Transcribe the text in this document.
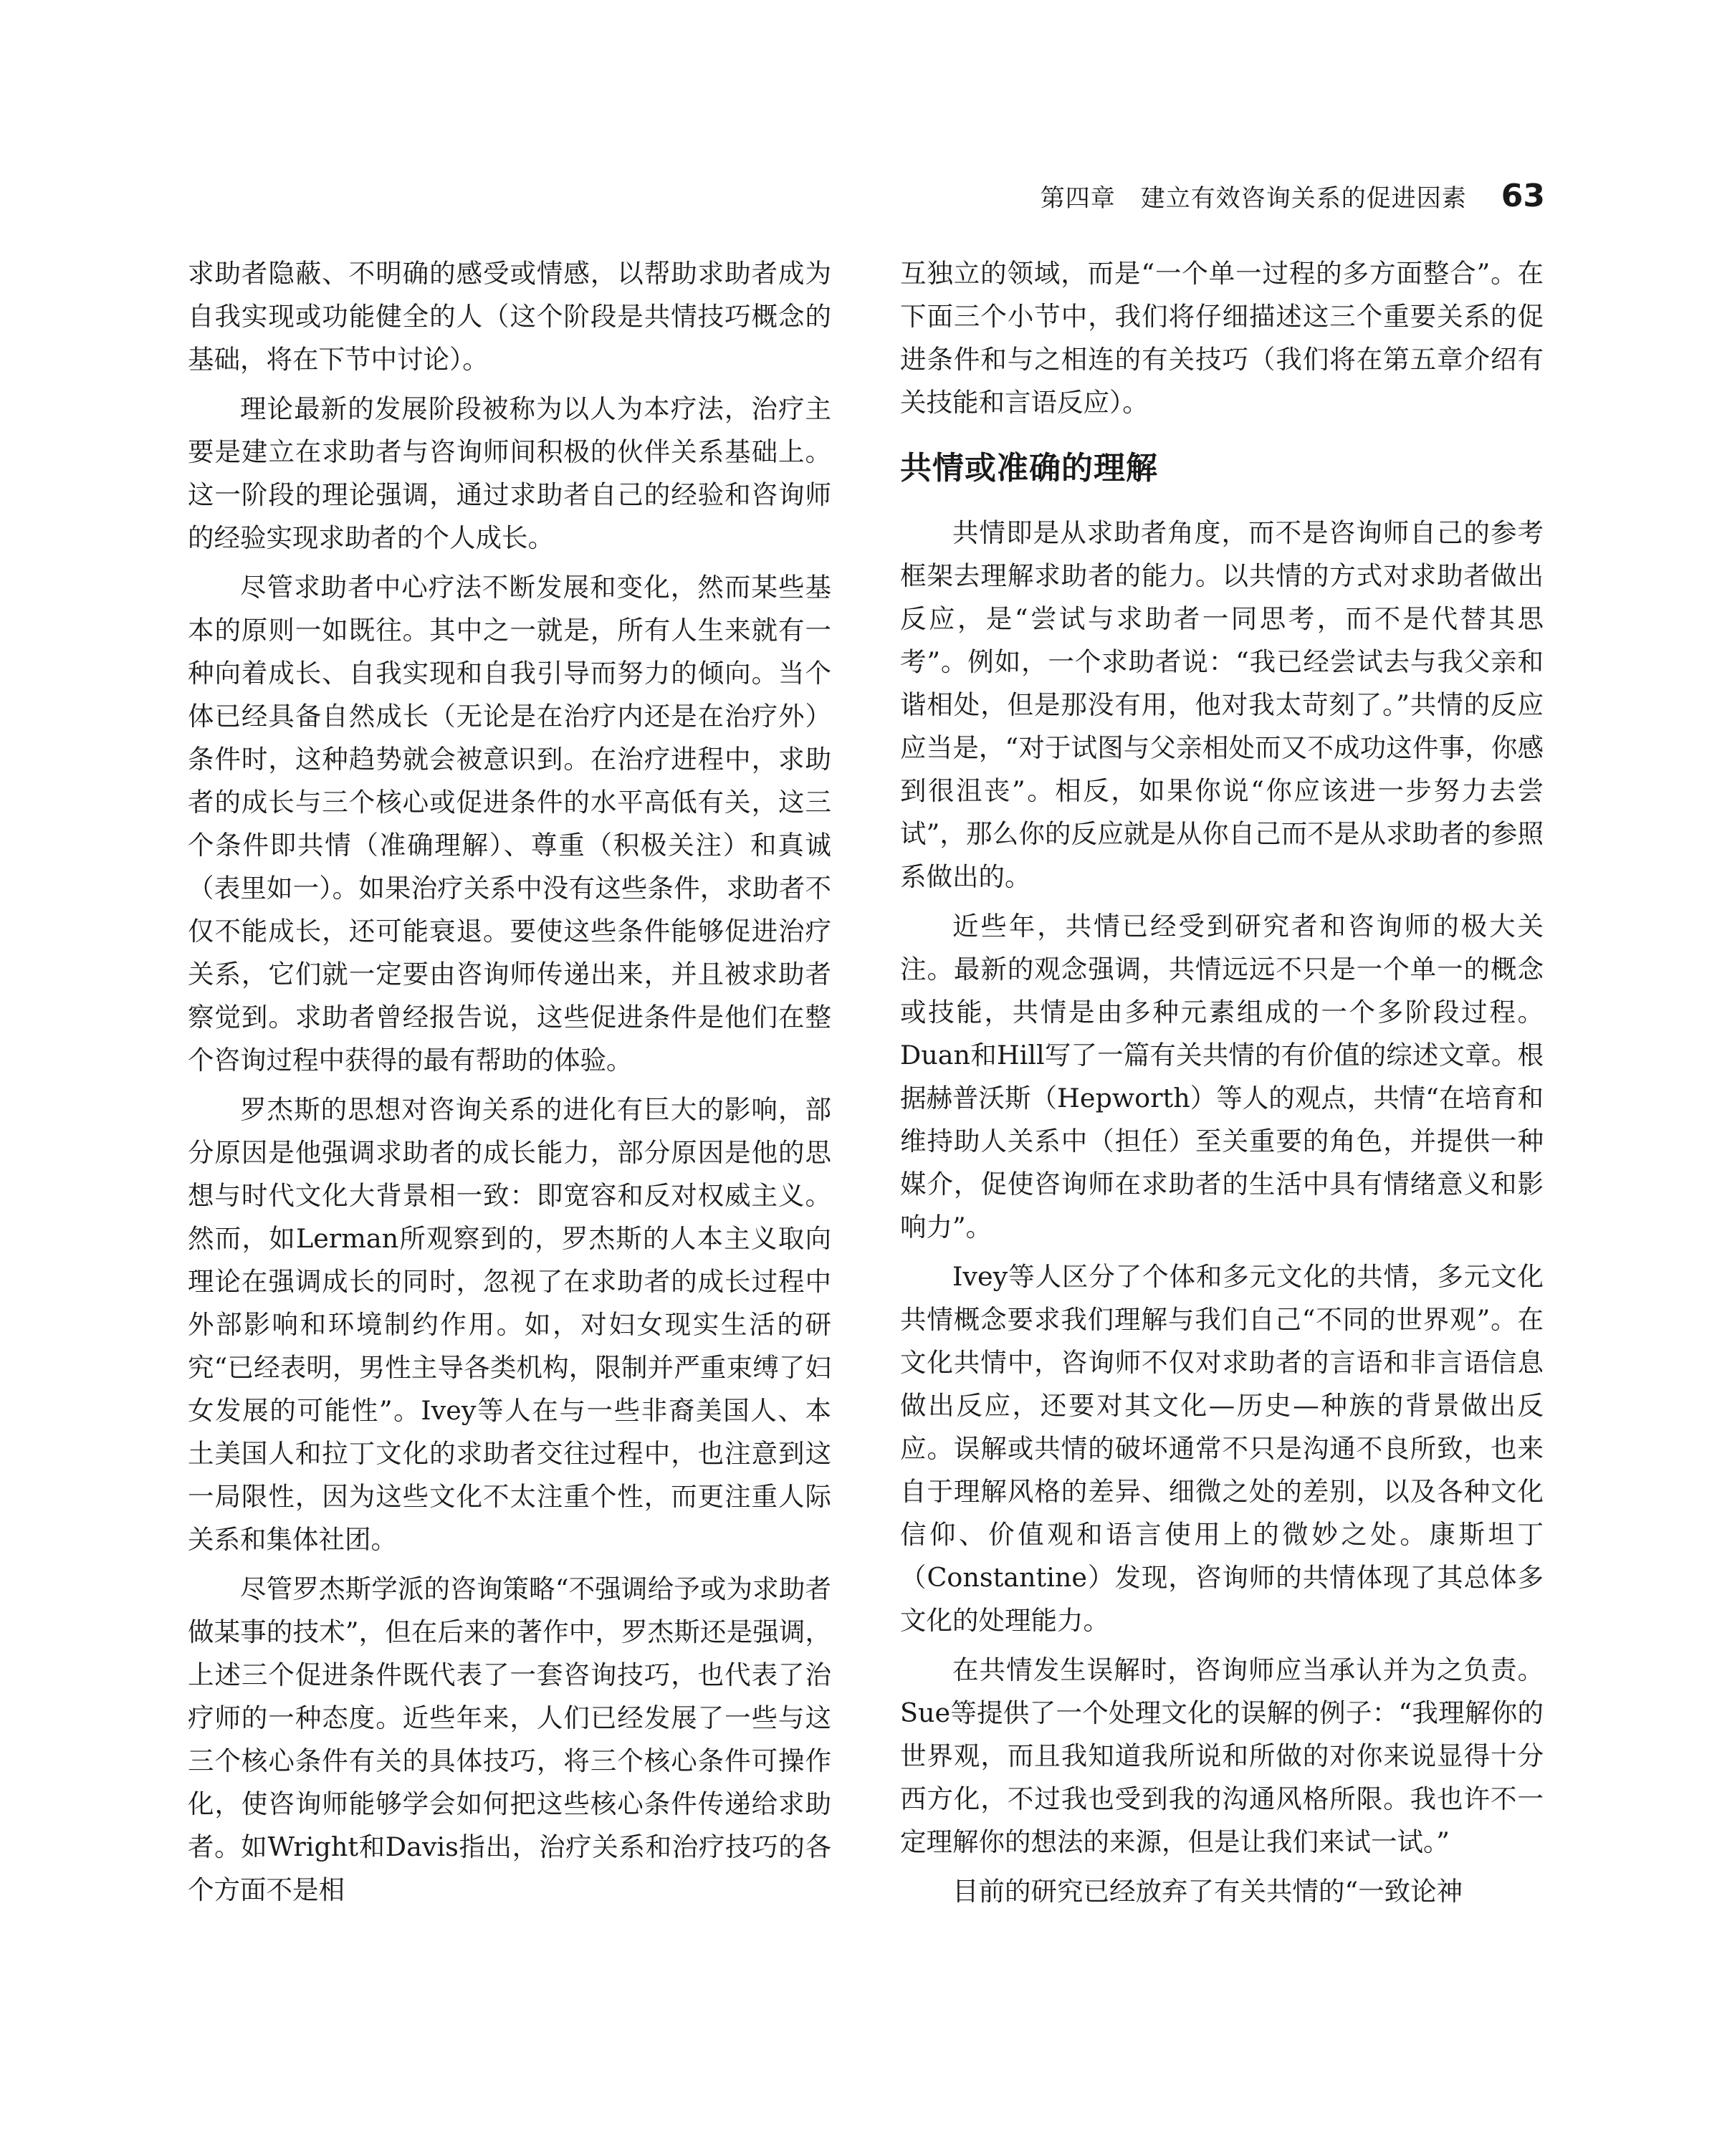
第四章　建立有效咨询关系的促进因素 63

求助者隐蔽、不明确的感受或情感，以帮助求助者成为自我实现或功能健全的人（这个阶段是共情技巧概念的基础，将在下节中讨论）。

理论最新的发展阶段被称为以人为本疗法，治疗主要是建立在求助者与咨询师间积极的伙伴关系基础上。这一阶段的理论强调，通过求助者自己的经验和咨询师的经验实现求助者的个人成长。

尽管求助者中心疗法不断发展和变化，然而某些基本的原则一如既往。其中之一就是，所有人生来就有一种向着成长、自我实现和自我引导而努力的倾向。当个体已经具备自然成长（无论是在治疗内还是在治疗外）条件时，这种趋势就会被意识到。在治疗进程中，求助者的成长与三个核心或促进条件的水平高低有关，这三个条件即共情（准确理解）、尊重（积极关注）和真诚（表里如一）。如果治疗关系中没有这些条件，求助者不仅不能成长，还可能衰退。要使这些条件能够促进治疗关系，它们就一定要由咨询师传递出来，并且被求助者察觉到。求助者曾经报告说，这些促进条件是他们在整个咨询过程中获得的最有帮助的体验。

罗杰斯的思想对咨询关系的进化有巨大的影响，部分原因是他强调求助者的成长能力，部分原因是他的思想与时代文化大背景相一致：即宽容和反对权威主义。然而，如Lerman所观察到的，罗杰斯的人本主义取向理论在强调成长的同时，忽视了在求助者的成长过程中外部影响和环境制约作用。如，对妇女现实生活的研究“已经表明，男性主导各类机构，限制并严重束缚了妇女发展的可能性”。Ivey等人在与一些非裔美国人、本土美国人和拉丁文化的求助者交往过程中，也注意到这一局限性，因为这些文化不太注重个性，而更注重人际关系和集体社团。

尽管罗杰斯学派的咨询策略“不强调给予或为求助者做某事的技术”，但在后来的著作中，罗杰斯还是强调，上述三个促进条件既代表了一套咨询技巧，也代表了治疗师的一种态度。近些年来，人们已经发展了一些与这三个核心条件有关的具体技巧，将三个核心条件可操作化，使咨询师能够学会如何把这些核心条件传递给求助者。如Wright和Davis指出，治疗关系和治疗技巧的各个方面不是相

互独立的领域，而是“一个单一过程的多方面整合”。在下面三个小节中，我们将仔细描述这三个重要关系的促进条件和与之相连的有关技巧（我们将在第五章介绍有关技能和言语反应）。

共情或准确的理解

共情即是从求助者角度，而不是咨询师自己的参考框架去理解求助者的能力。以共情的方式对求助者做出反应，是“尝试与求助者一同思考，而不是代替其思考”。例如，一个求助者说：“我已经尝试去与我父亲和谐相处，但是那没有用，他对我太苛刻了。”共情的反应应当是，“对于试图与父亲相处而又不成功这件事，你感到很沮丧”。相反，如果你说“你应该进一步努力去尝试”，那么你的反应就是从你自己而不是从求助者的参照系做出的。

近些年，共情已经受到研究者和咨询师的极大关注。最新的观念强调，共情远远不只是一个单一的概念或技能，共情是由多种元素组成的一个多阶段过程。Duan和Hill写了一篇有关共情的有价值的综述文章。根据赫普沃斯（Hepworth）等人的观点，共情“在培育和维持助人关系中（担任）至关重要的角色，并提供一种媒介，促使咨询师在求助者的生活中具有情绪意义和影响力”。

Ivey等人区分了个体和多元文化的共情，多元文化共情概念要求我们理解与我们自己“不同的世界观”。在文化共情中，咨询师不仅对求助者的言语和非言语信息做出反应，还要对其文化—历史—种族的背景做出反应。误解或共情的破坏通常不只是沟通不良所致，也来自于理解风格的差异、细微之处的差别，以及各种文化信仰、价值观和语言使用上的微妙之处。康斯坦丁（Constantine）发现，咨询师的共情体现了其总体多文化的处理能力。

在共情发生误解时，咨询师应当承认并为之负责。Sue等提供了一个处理文化的误解的例子：“我理解你的世界观，而且我知道我所说和所做的对你来说显得十分西方化，不过我也受到我的沟通风格所限。我也许不一定理解你的想法的来源，但是让我们来试一试。”

目前的研究已经放弃了有关共情的“一致论神
